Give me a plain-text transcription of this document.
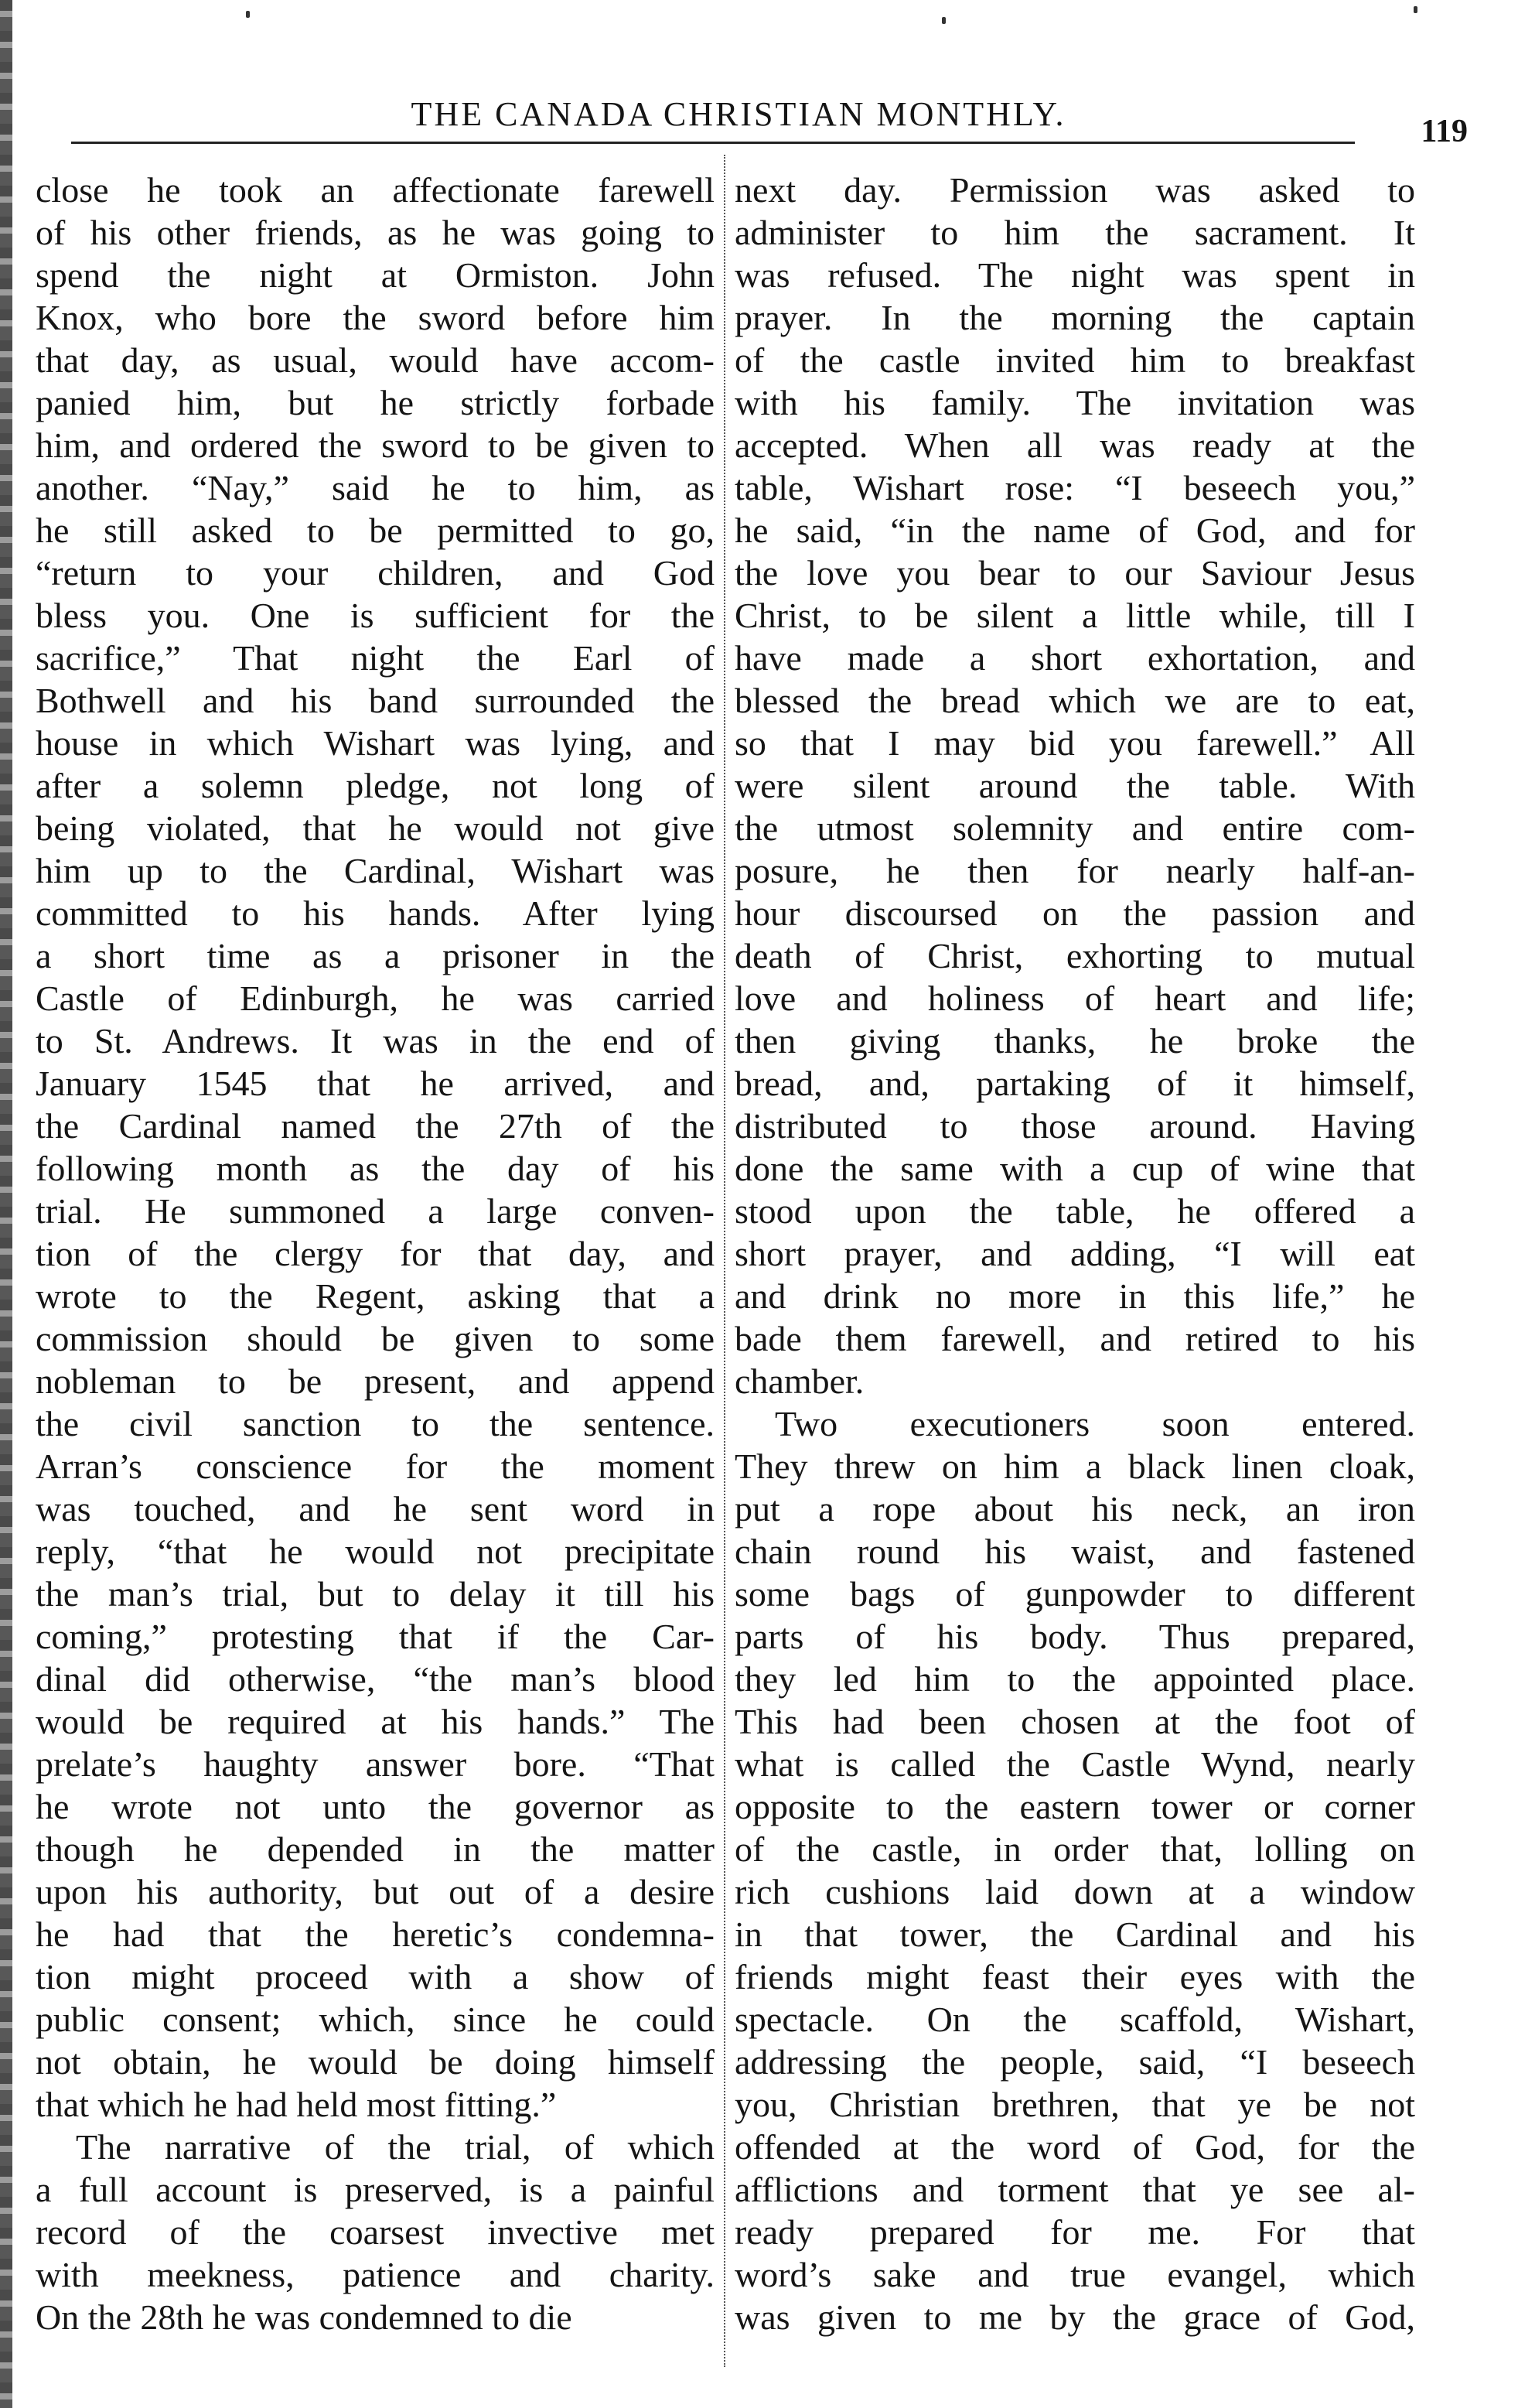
THE CANADA CHRISTIAN MONTHLY.	119
close he took an affectionate farewell
of his other friends, as he was going to
spend the night at Ormiston. John
Knox, who bore the sword before him
that day, as usual, would have accom-
panied him, but he strictly forbade
him, and ordered the sword to be given to
another. “Nay,” said he to him, as
he still asked to be permitted to go,
“return to your children, and God
bless you. One is sufficient for the
sacrifice,” That night the Earl of
Bothwell and his band surrounded the
house in which Wishart was lying, and
after a solemn pledge, not long of
being violated, that he would not give
him up to the Cardinal, Wishart was
committed to his hands. After lying
a short time as a prisoner in the
Castle of Edinburgh, he was carried
to St. Andrews. It was in the end of
January 1545 that he arrived, and
the Cardinal named the 27th of the
following month as the day of his
trial. He summoned a large conven-
tion of the clergy for that day, and
wrote to the Regent, asking that a
commission should be given to some
nobleman to be present, and append
the civil sanction to the sentence.
Arran’s conscience for the moment
was touched, and he sent word in
reply, “that he would not precipitate
the man’s trial, but to delay it till his
coming,” protesting that if the Car-
dinal did otherwise, “the man’s blood
would be required at his hands.” The
prelate’s haughty answer bore. “That
he wrote not unto the governor as
though he depended in the matter
upon his authority, but out of a desire
he had that the heretic’s condemna-
tion might proceed with a show of
public consent; which, since he could
not obtain, he would be doing himself
that which he had held most fitting.”
The narrative of the trial, of which
a full account is preserved, is a painful
record of the coarsest invective met
with meekness, patience and charity.
On the 28th he was condemned to die
next day. Permission was asked to
administer to him the sacrament. It
was refused. The night was spent in
prayer. In the morning the captain
of the castle invited him to breakfast
with his family. The invitation was
accepted. When all was ready at the
table, Wishart rose: “I beseech you,”
he said, “in the name of God, and for
the love you bear to our Saviour Jesus
Christ, to be silent a little while, till I
have made a short exhortation, and
blessed the bread which we are to eat,
so that I may bid you farewell.” All
were silent around the table. With
the utmost solemnity and entire com-
posure, he then for nearly half-an-
hour discoursed on the passion and
death of Christ, exhorting to mutual
love and holiness of heart and life;
then giving thanks, he broke the
bread, and, partaking of it himself,
distributed to those around. Having
done the same with a cup of wine that
stood upon the table, he offered a
short prayer, and adding, “I will eat
and drink no more in this life,” he
bade them farewell, and retired to his
chamber.
Two executioners soon entered.
They threw on him a black linen cloak,
put a rope about his neck, an iron
chain round his waist, and fastened
some bags of gunpowder to different
parts of his body. Thus prepared,
they led him to the appointed place.
This had been chosen at the foot of
what is called the Castle Wynd, nearly
opposite to the eastern tower or corner
of the castle, in order that, lolling on
rich cushions laid down at a window
in that tower, the Cardinal and his
friends might feast their eyes with the
spectacle. On the scaffold, Wishart,
addressing the people, said, “I beseech
you, Christian brethren, that ye be not
offended at the word of God, for the
afflictions and torment that ye see al-
ready prepared for me. For that
word’s sake and true evangel, which
was given to me by the grace of God,
